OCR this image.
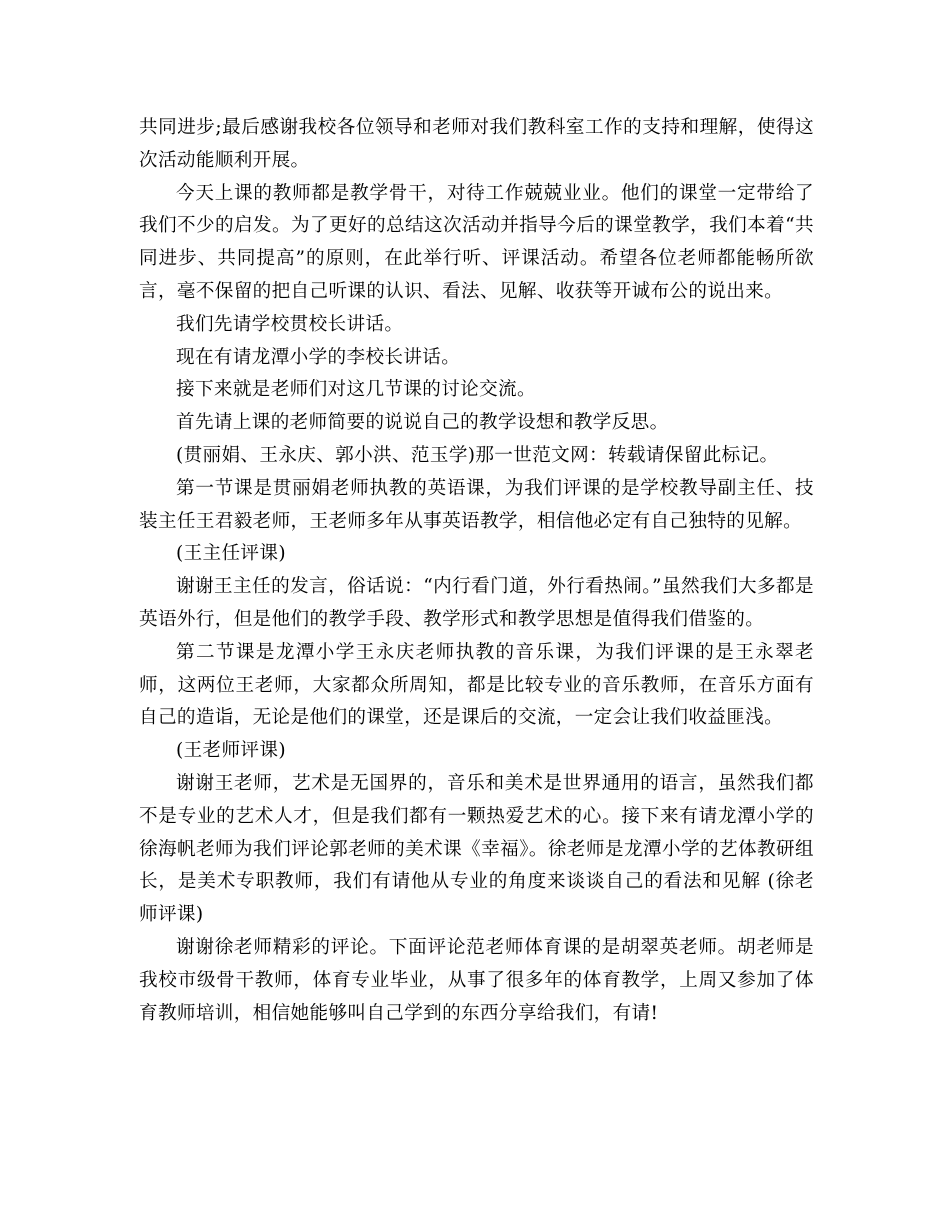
共同进步;最后感谢我校各位领导和老师对我们教科室工作的支持和理解，使得这次活动能顺利开展。

今天上课的教师都是教学骨干，对待工作兢兢业业。他们的课堂一定带给了我们不少的启发。为了更好的总结这次活动并指导今后的课堂教学，我们本着“共同进步、共同提高”的原则，在此举行听、评课活动。希望各位老师都能畅所欲言，毫不保留的把自己听课的认识、看法、见解、收获等开诚布公的说出来。

我们先请学校贯校长讲话。

现在有请龙潭小学的李校长讲话。

接下来就是老师们对这几节课的讨论交流。

首先请上课的老师简要的说说自己的教学设想和教学反思。

(贯丽娟、王永庆、郭小洪、范玉学)那一世范文网：转载请保留此标记。

第一节课是贯丽娟老师执教的英语课，为我们评课的是学校教导副主任、技装主任王君毅老师，王老师多年从事英语教学，相信他必定有自己独特的见解。

(王主任评课)

谢谢王主任的发言，俗话说：“内行看门道，外行看热闹。”虽然我们大多都是英语外行，但是他们的教学手段、教学形式和教学思想是值得我们借鉴的。

第二节课是龙潭小学王永庆老师执教的音乐课，为我们评课的是王永翠老师，这两位王老师，大家都众所周知，都是比较专业的音乐教师，在音乐方面有自己的造诣，无论是他们的课堂，还是课后的交流，一定会让我们收益匪浅。

(王老师评课)

谢谢王老师，艺术是无国界的，音乐和美术是世界通用的语言，虽然我们都不是专业的艺术人才，但是我们都有一颗热爱艺术的心。接下来有请龙潭小学的徐海帆老师为我们评论郭老师的美术课《幸福》。徐老师是龙潭小学的艺体教研组长，是美术专职教师，我们有请他从专业的角度来谈谈自己的看法和见解 (徐老师评课)

谢谢徐老师精彩的评论。下面评论范老师体育课的是胡翠英老师。胡老师是我校市级骨干教师，体育专业毕业，从事了很多年的体育教学，上周又参加了体育教师培训，相信她能够叫自己学到的东西分享给我们，有请!
